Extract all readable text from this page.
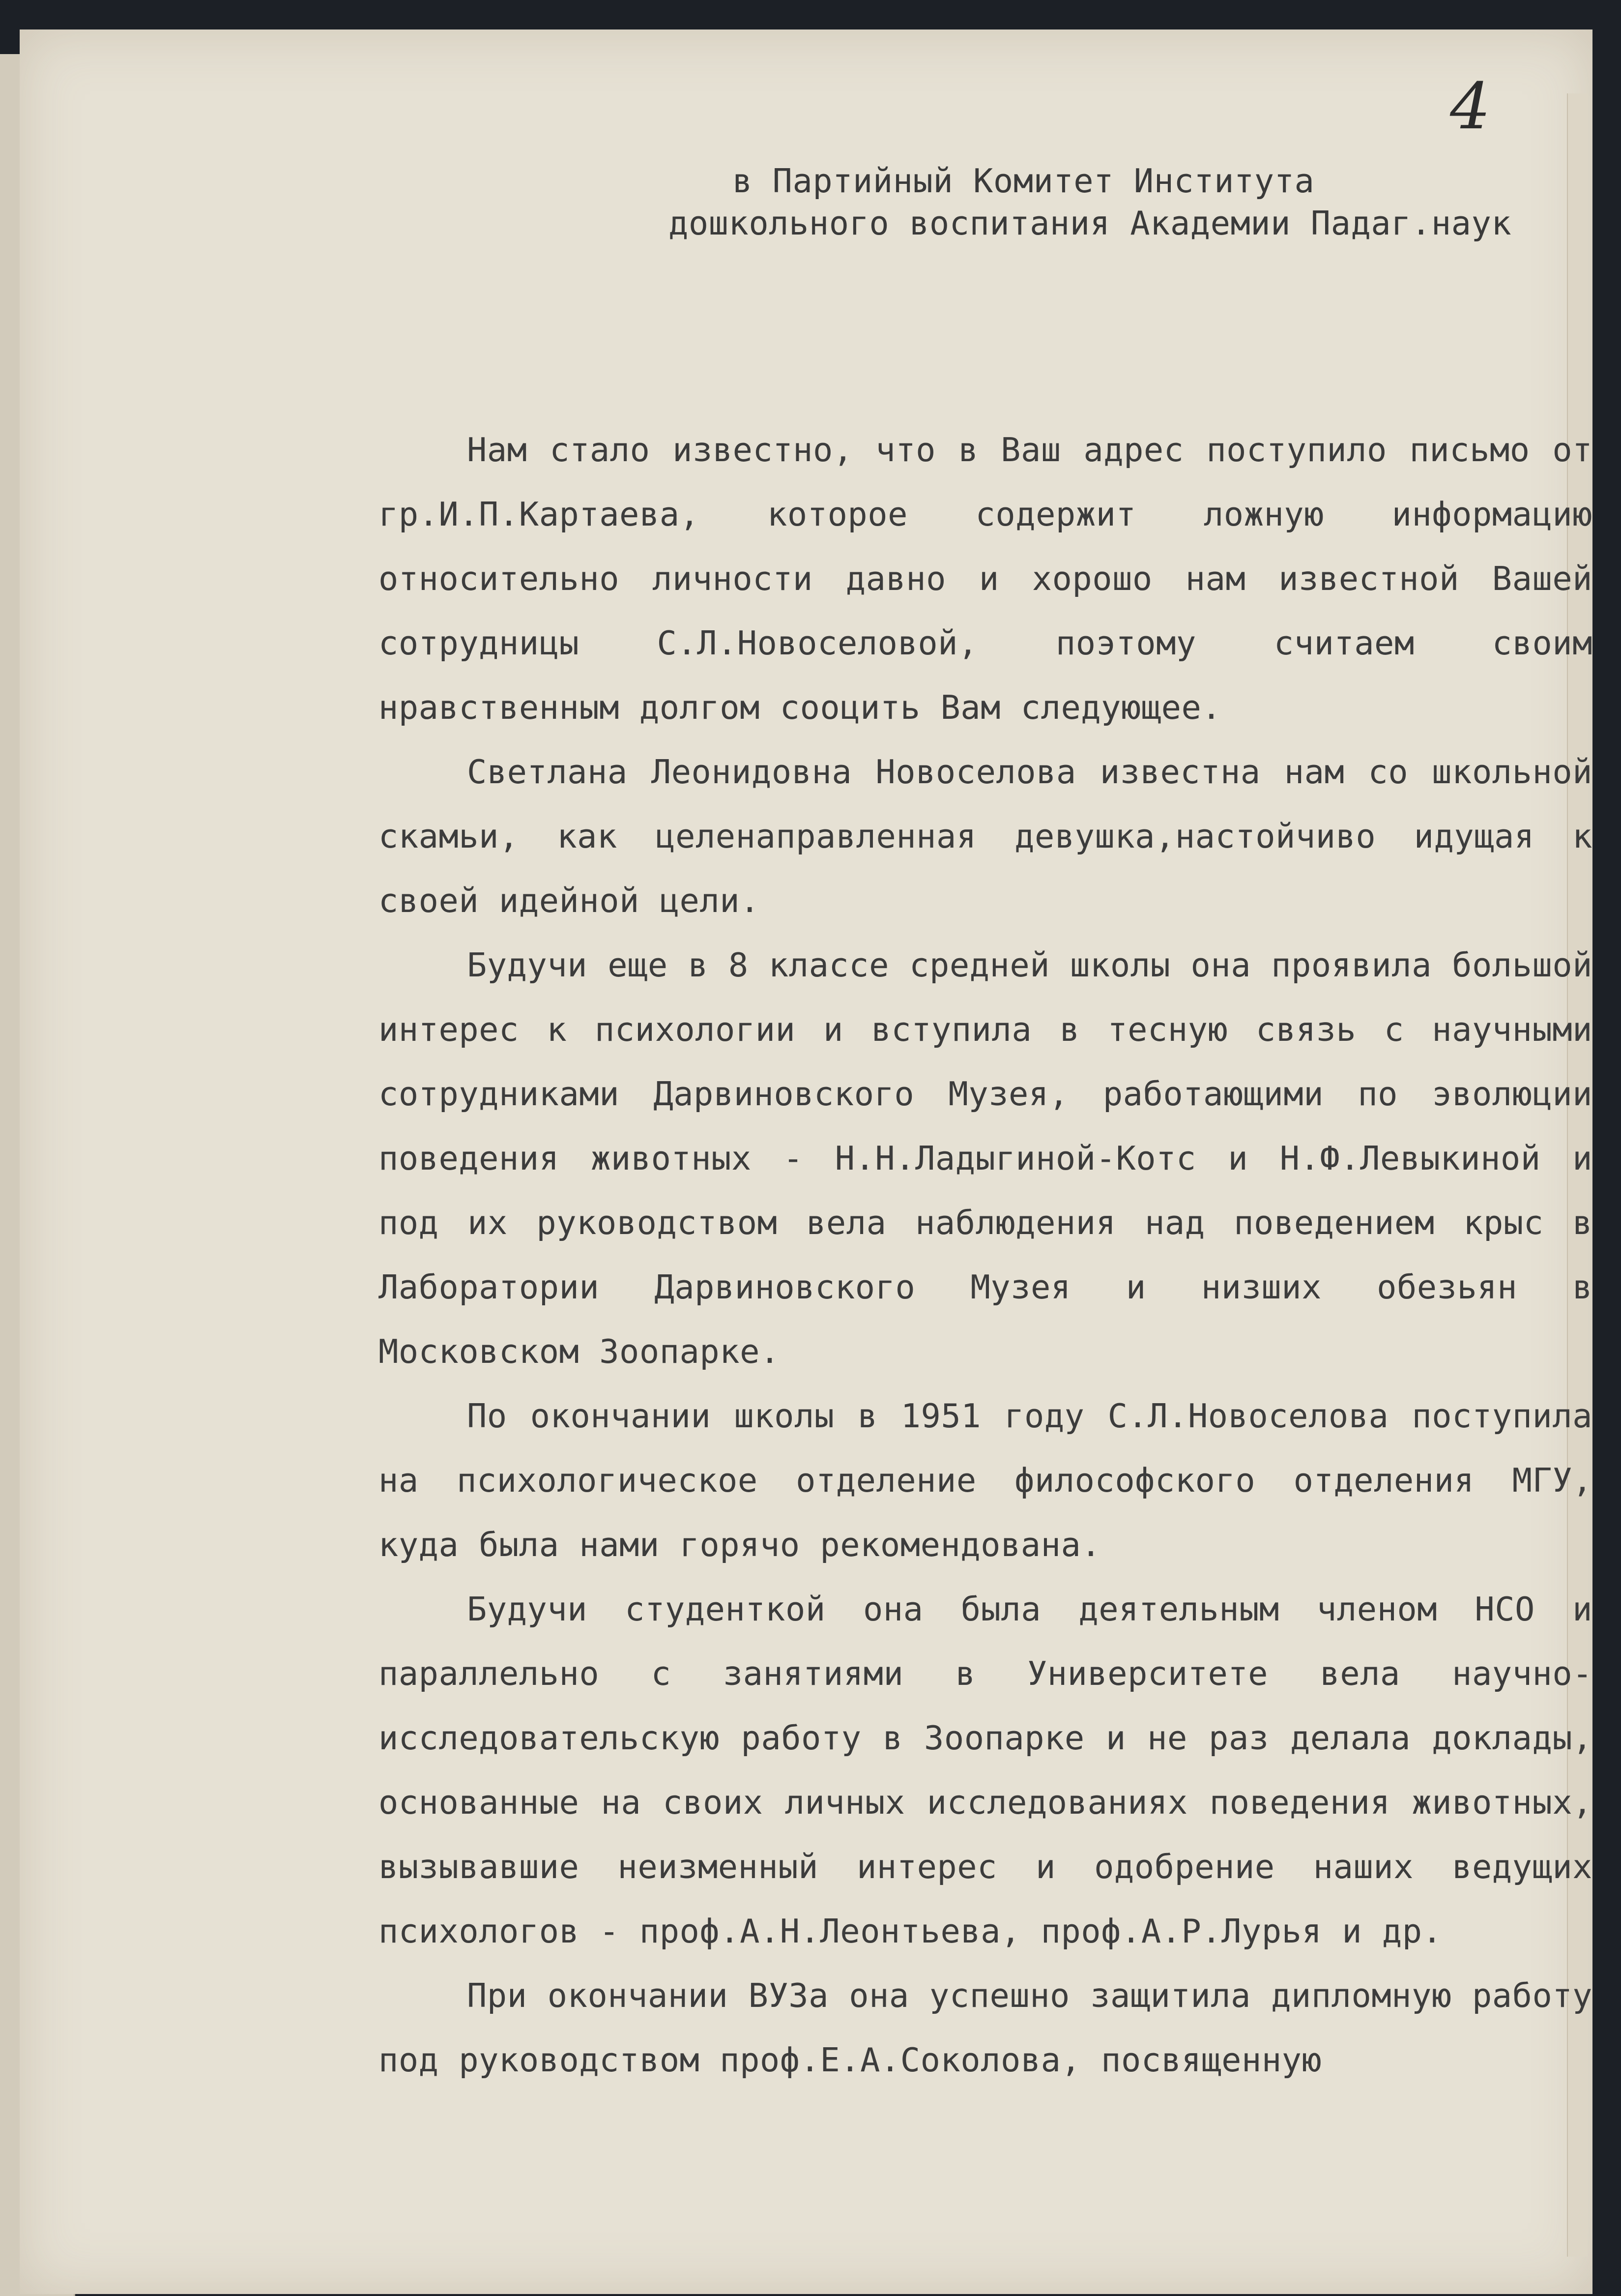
4
в Партийный Комитет Института
дошкольного воспитания Академии Падаг.наук

Нам стало известно, что в Ваш адрес поступило письмо от гр.И.П.Картаева, которое содержит ложную информацию относительно личности давно и хорошо нам известной Вашей сотрудницы С.Л.Новоселовой, поэтому считаем своим нравственным долгом сооцить Вам следующее.

Светлана Леонидовна Новоселова известна нам со школьной скамьи, как целенаправленная девушка,настойчиво идущая к своей идейной цели.

Будучи еще в 8 классе средней школы она проявила большой интерес к психологии и вступила в тесную связь с научными сотрудниками Дарвиновского Музея, работающими по эволюции поведения животных - Н.Н.Ладыгиной-Котс и Н.Ф.Левыкиной и под их руководством вела наблюдения над поведением крыс в Лаборатории Дарвиновского Музея и низших обезьян в Московском Зоопарке.

По окончании школы в 1951 году С.Л.Новоселова поступила на психологическое отделение философского отделения МГУ, куда была нами горячо рекомендована.

Будучи студенткой она была деятельным членом НСО и параллельно с занятиями в Университете вела научно-исследовательскую работу в Зоопарке и не раз делала доклады, основанные на своих личных исследованиях поведения животных, вызывавшие неизменный интерес и одобрение наших ведущих психологов - проф.А.Н.Леонтьева, проф.А.Р.Лурья и др.

При окончании ВУЗа она успешно защитила дипломную работу под руководством проф.Е.А.Соколова, посвященную
